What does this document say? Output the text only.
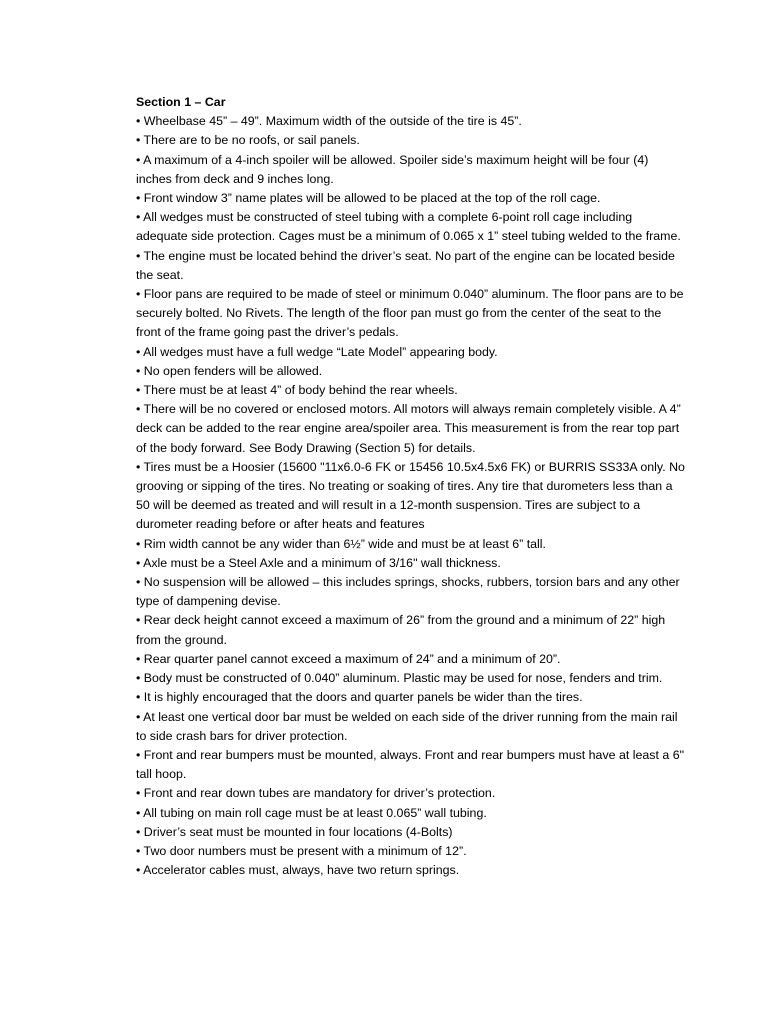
Section 1 – Car
• Wheelbase 45” – 49”. Maximum width of the outside of the tire is 45”.
• There are to be no roofs, or sail panels.
• A maximum of a 4-inch spoiler will be allowed. Spoiler side’s maximum height will be four (4) inches from deck and 9 inches long.
• Front window 3” name plates will be allowed to be placed at the top of the roll cage.
• All wedges must be constructed of steel tubing with a complete 6-point roll cage including adequate side protection. Cages must be a minimum of 0.065 x 1” steel tubing welded to the frame.
• The engine must be located behind the driver’s seat. No part of the engine can be located beside the seat.
• Floor pans are required to be made of steel or minimum 0.040” aluminum. The floor pans are to be securely bolted. No Rivets. The length of the floor pan must go from the center of the seat to the front of the frame going past the driver’s pedals.
• All wedges must have a full wedge “Late Model” appearing body.
• No open fenders will be allowed.
• There must be at least 4” of body behind the rear wheels.
• There will be no covered or enclosed motors. All motors will always remain completely visible. A 4” deck can be added to the rear engine area/spoiler area. This measurement is from the rear top part of the body forward. See Body Drawing (Section 5) for details.
• Tires must be a Hoosier (15600 "11x6.0-6 FK or 15456 10.5x4.5x6 FK) or BURRIS SS33A only. No grooving or sipping of the tires. No treating or soaking of tires. Any tire that durometers less than a 50 will be deemed as treated and will result in a 12-month suspension. Tires are subject to a durometer reading before or after heats and features
• Rim width cannot be any wider than 6½” wide and must be at least 6” tall.
• Axle must be a Steel Axle and a minimum of 3/16" wall thickness.
• No suspension will be allowed – this includes springs, shocks, rubbers, torsion bars and any other type of dampening devise.
• Rear deck height cannot exceed a maximum of 26” from the ground and a minimum of 22” high from the ground.
• Rear quarter panel cannot exceed a maximum of 24” and a minimum of 20”.
• Body must be constructed of 0.040” aluminum. Plastic may be used for nose, fenders and trim.
• It is highly encouraged that the doors and quarter panels be wider than the tires.
• At least one vertical door bar must be welded on each side of the driver running from the main rail to side crash bars for driver protection.
• Front and rear bumpers must be mounted, always. Front and rear bumpers must have at least a 6" tall hoop.
• Front and rear down tubes are mandatory for driver’s protection.
• All tubing on main roll cage must be at least 0.065” wall tubing.
• Driver’s seat must be mounted in four locations (4-Bolts)
• Two door numbers must be present with a minimum of 12”.
• Accelerator cables must, always, have two return springs.
